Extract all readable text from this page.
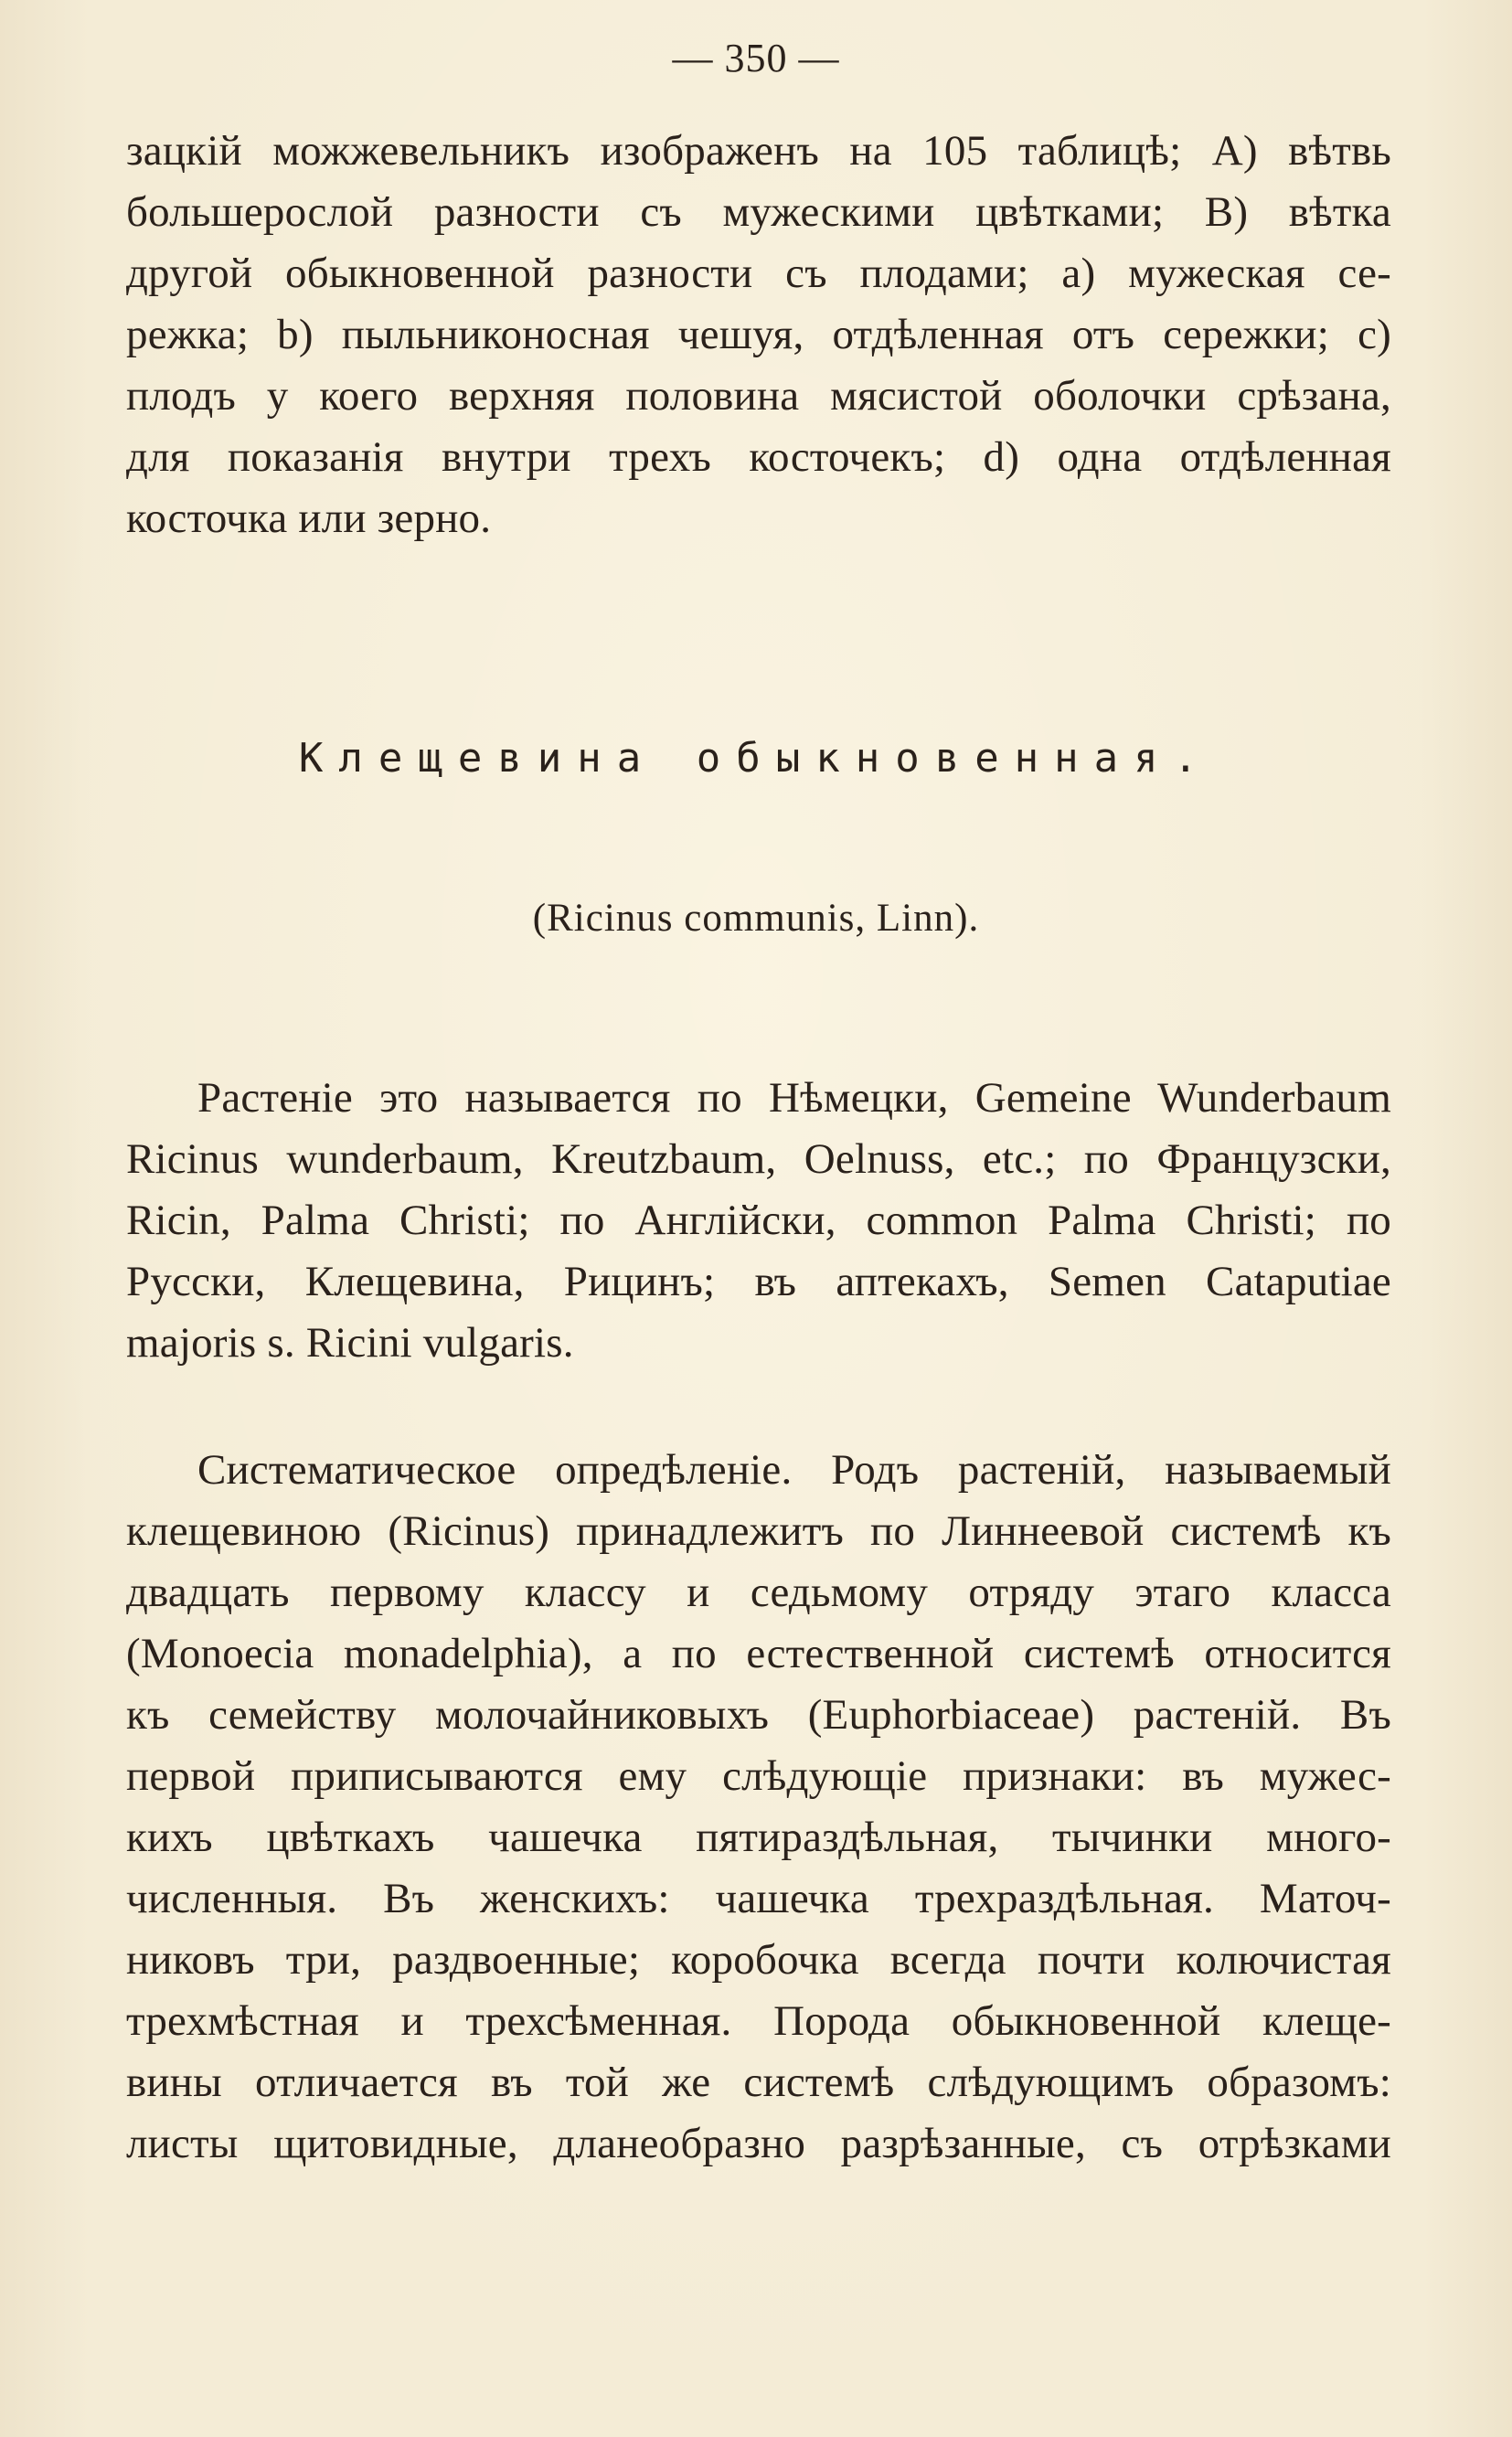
— 350 —
зацкій можжевельникъ изображенъ на 105 таблицѣ; А) вѣтвь
большерослой разности съ мужескими цвѣтками; В) вѣтка
другой обыкновенной разности съ плодами; а) мужеская се-
режка; b) пыльниконосная чешуя, отдѣленная отъ сережки; с)
плодъ у коего верхняя половина мясистой оболочки срѣзана,
для показанія внутри трехъ косточекъ; d) одна отдѣленная
косточка или зерно.
Клещевина обыкновенная.
(Ricinus communis, Linn).
Растеніе это называется по Нѣмецки, Gemeine Wunderbaum
Ricinus wunderbaum, Kreutzbaum, Oelnuss, etc.; по Французски,
Ricin, Palma Christi; по Англійски, common Palma Christi; по
Русски, Клещевина, Рицинъ; въ аптекахъ, Semen Cataputiae
majoris s. Ricini vulgaris.
Систематическое опредѣленіе. Родъ растеній, называемый
клещевиною (Ricinus) принадлежитъ по Линнеевой системѣ къ
двадцать первому классу и седьмому отряду этаго класса
(Monoecia monadelphia), а по естественной системѣ относится
къ семейству молочайниковыхъ (Euphorbiaceae) растеній. Въ
первой приписываются ему слѣдующіе признаки: въ мужес-
кихъ цвѣткахъ чашечка пятираздѣльная, тычинки много-
численныя. Въ женскихъ: чашечка трехраздѣльная. Маточ-
никовъ три, раздвоенные; коробочка всегда почти колючистая
трехмѣстная и трехсѣменная. Порода обыкновенной клеще-
вины отличается въ той же системѣ слѣдующимъ образомъ:
листы щитовидные, дланеобразно разрѣзанные, съ отрѣзками
